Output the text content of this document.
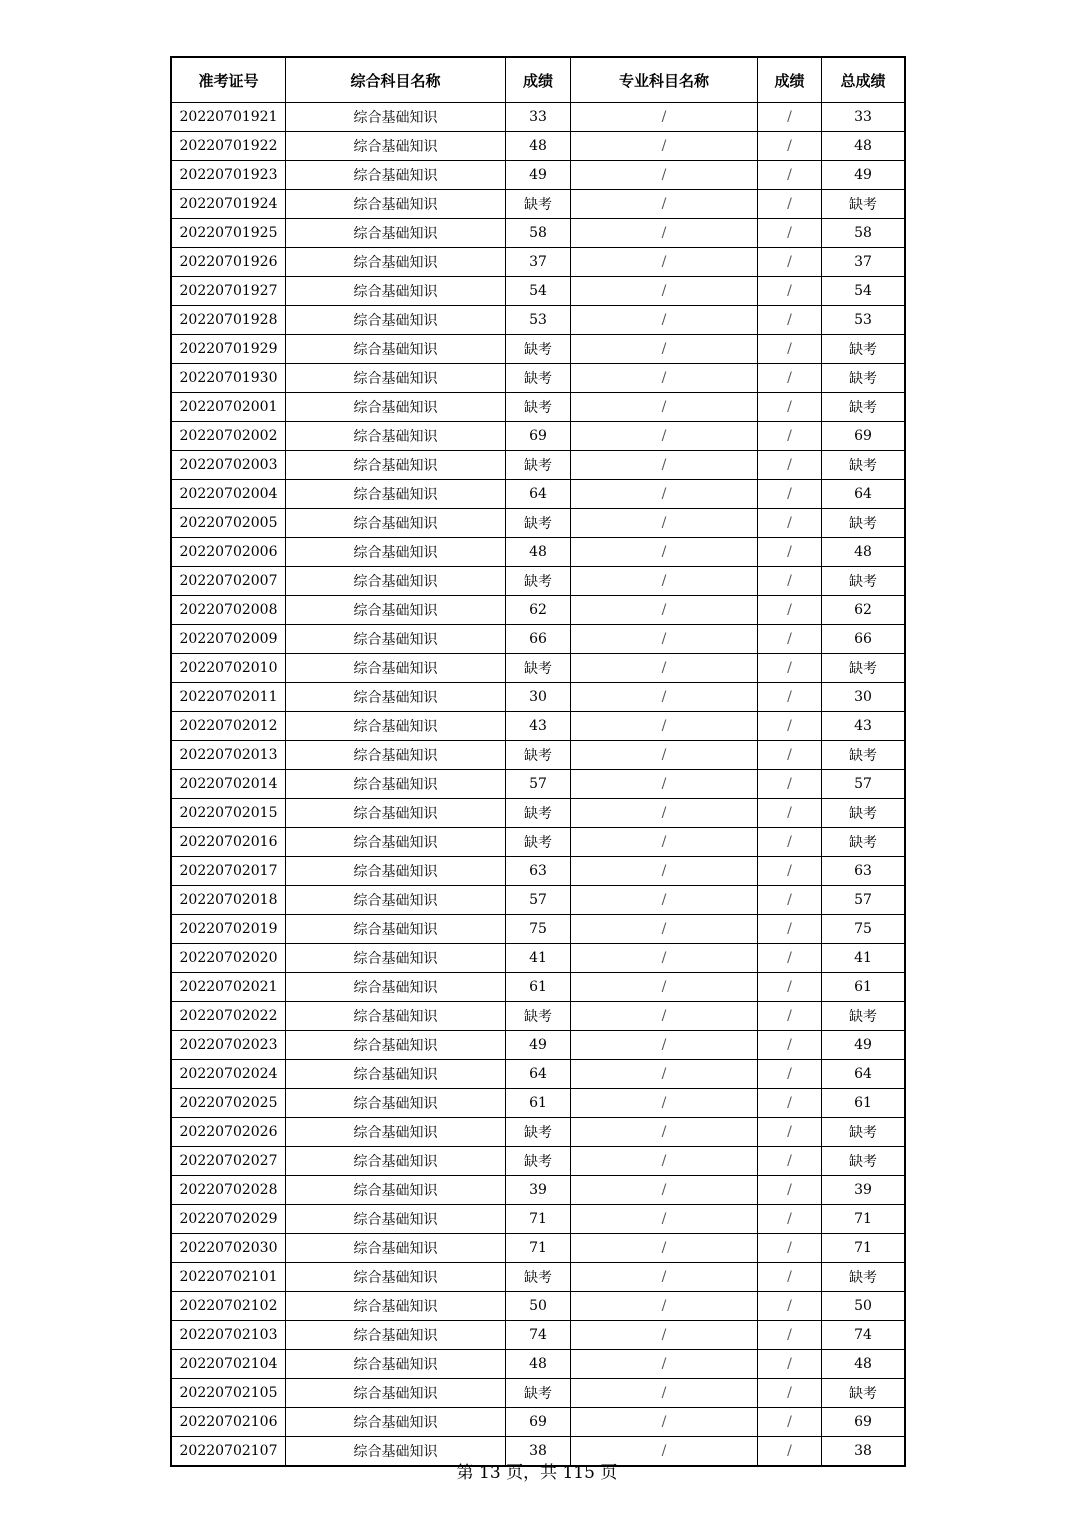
准考证号	综合科目名称	成绩	专业科目名称	成绩	总成绩
20220701921	综合基础知识	33	/	/	33
20220701922	综合基础知识	48	/	/	48
20220701923	综合基础知识	49	/	/	49
20220701924	综合基础知识	缺考	/	/	缺考
20220701925	综合基础知识	58	/	/	58
20220701926	综合基础知识	37	/	/	37
20220701927	综合基础知识	54	/	/	54
20220701928	综合基础知识	53	/	/	53
20220701929	综合基础知识	缺考	/	/	缺考
20220701930	综合基础知识	缺考	/	/	缺考
20220702001	综合基础知识	缺考	/	/	缺考
20220702002	综合基础知识	69	/	/	69
20220702003	综合基础知识	缺考	/	/	缺考
20220702004	综合基础知识	64	/	/	64
20220702005	综合基础知识	缺考	/	/	缺考
20220702006	综合基础知识	48	/	/	48
20220702007	综合基础知识	缺考	/	/	缺考
20220702008	综合基础知识	62	/	/	62
20220702009	综合基础知识	66	/	/	66
20220702010	综合基础知识	缺考	/	/	缺考
20220702011	综合基础知识	30	/	/	30
20220702012	综合基础知识	43	/	/	43
20220702013	综合基础知识	缺考	/	/	缺考
20220702014	综合基础知识	57	/	/	57
20220702015	综合基础知识	缺考	/	/	缺考
20220702016	综合基础知识	缺考	/	/	缺考
20220702017	综合基础知识	63	/	/	63
20220702018	综合基础知识	57	/	/	57
20220702019	综合基础知识	75	/	/	75
20220702020	综合基础知识	41	/	/	41
20220702021	综合基础知识	61	/	/	61
20220702022	综合基础知识	缺考	/	/	缺考
20220702023	综合基础知识	49	/	/	49
20220702024	综合基础知识	64	/	/	64
20220702025	综合基础知识	61	/	/	61
20220702026	综合基础知识	缺考	/	/	缺考
20220702027	综合基础知识	缺考	/	/	缺考
20220702028	综合基础知识	39	/	/	39
20220702029	综合基础知识	71	/	/	71
20220702030	综合基础知识	71	/	/	71
20220702101	综合基础知识	缺考	/	/	缺考
20220702102	综合基础知识	50	/	/	50
20220702103	综合基础知识	74	/	/	74
20220702104	综合基础知识	48	/	/	48
20220702105	综合基础知识	缺考	/	/	缺考
20220702106	综合基础知识	69	/	/	69
20220702107	综合基础知识	38	/	/	38
第 13 页，共 115 页
